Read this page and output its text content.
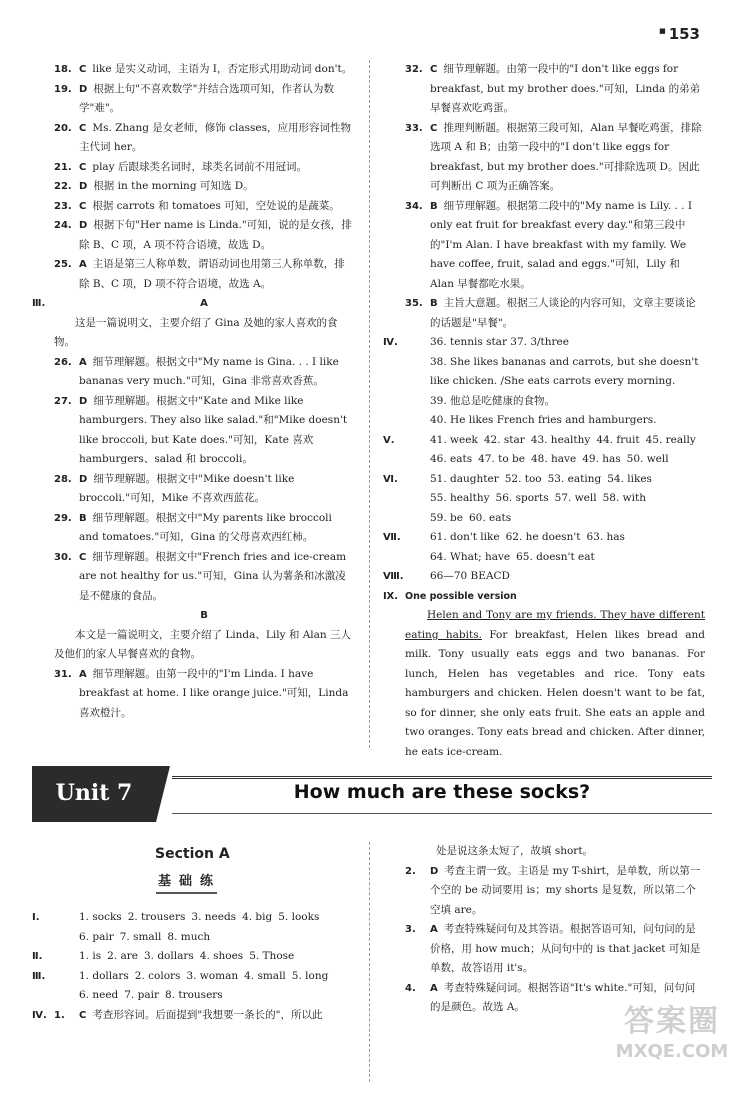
■ 153
18. C like 是实义动词，主语为 I，否定形式用助动词 don't。
19. D 根据上句"不喜欢数学"并结合选项可知，作者认为数学"难"。
20. C Ms. Zhang 是女老师，修饰 classes，应用形容词性物主代词 her。
21. C play 后跟球类名词时，球类名词前不用冠词。
22. D 根据 in the morning 可知选 D。
23. C 根据 carrots 和 tomatoes 可知，空处说的是蔬菜。
24. D 根据下句"Her name is Linda."可知，说的是女孩，排除 B、C 项，A 项不符合语境，故选 D。
25. A 主语是第三人称单数，谓语动词也用第三人称单数，排除 B、C 项，D 项不符合语境，故选 A。
Ⅲ.	A
这是一篇说明文，主要介绍了 Gina 及她的家人喜欢的食物。
26. A 细节理解题。根据文中"My name is Gina. . . I like bananas very much."可知，Gina 非常喜欢香蕉。
27. D 细节理解题。根据文中"Kate and Mike like hamburgers. They also like salad."和"Mike doesn't like broccoli, but Kate does."可知，Kate 喜欢 hamburgers、salad 和 broccoli。
28. D 细节理解题。根据文中"Mike doesn't like broccoli."可知，Mike 不喜欢西蓝花。
29. B 细节理解题。根据文中"My parents like broccoli and tomatoes."可知，Gina 的父母喜欢西红柿。
30. C 细节理解题。根据文中"French fries and ice-cream are not healthy for us."可知，Gina 认为薯条和冰激凌是不健康的食品。
B
本文是一篇说明文，主要介绍了 Linda、Lily 和 Alan 三人及他们的家人早餐喜欢的食物。
31. A 细节理解题。由第一段中的"I'm Linda. I have breakfast at home. I like orange juice."可知，Linda 喜欢橙汁。
32. C 细节理解题。由第一段中的"I don't like eggs for breakfast, but my brother does."可知，Linda 的弟弟早餐喜欢吃鸡蛋。
33. C 推理判断题。根据第三段可知，Alan 早餐吃鸡蛋，排除选项 A 和 B；由第一段中的"I don't like eggs for breakfast, but my brother does."可排除选项 D。因此可判断出 C 项为正确答案。
34. B 细节理解题。根据第二段中的"My name is Lily. . . I only eat fruit for breakfast every day."和第三段中的"I'm Alan. I have breakfast with my family. We have coffee, fruit, salad and eggs."可知，Lily 和 Alan 早餐都吃水果。
35. B 主旨大意题。根据三人谈论的内容可知，文章主要谈论的话题是"早餐"。
Ⅳ.	36. tennis star 37. 3/three
38. She likes bananas and carrots, but she doesn't like chicken. /She eats carrots every morning.
39. 他总是吃健康的食物。
40. He likes French fries and hamburgers.
Ⅴ.	41. week 42. star 43. healthy 44. fruit 45. really
46. eats 47. to be 48. have 49. has 50. well
Ⅵ.	51. daughter 52. too 53. eating 54. likes
55. healthy 56. sports 57. well 58. with
59. be 60. eats
Ⅶ.	61. don't like 62. he doesn't 63. has
64. What; have 65. doesn't eat
Ⅷ.	66—70 BEACD
Ⅸ. One possible version
Helen and Tony are my friends. They have different eating habits. For breakfast, Helen likes bread and milk. Tony usually eats eggs and two bananas. For lunch, Helen has vegetables and rice. Tony eats hamburgers and chicken. Helen doesn't want to be fat, so for dinner, she only eats fruit. She eats an apple and two oranges. Tony eats bread and chicken. After dinner, he eats ice-cream.
Unit 7	How much are these socks?
Section A
基础练
Ⅰ.	1. socks 2. trousers 3. needs 4. big 5. looks
6. pair 7. small 8. much
Ⅱ.	1. is 2. are 3. dollars 4. shoes 5. Those
Ⅲ.	1. dollars 2. colors 3. woman 4. small 5. long
6. need 7. pair 8. trousers
Ⅳ. 1. C 考查形容词。后面提到"我想要一条长的"，所以此
处是说这条太短了，故填 short。
2. D 考查主谓一致。主语是 my T-shirt，是单数，所以第一个空的 be 动词要用 is；my shorts 是复数，所以第二个空填 are。
3. A 考查特殊疑问句及其答语。根据答语可知，问句问的是价格，用 how much；从问句中的 is that jacket 可知是单数，故答语用 it's。
4. A 考查特殊疑问词。根据答语"It's white."可知，问句问的是颜色。故选 A。	答案圈
MXQE.COM
